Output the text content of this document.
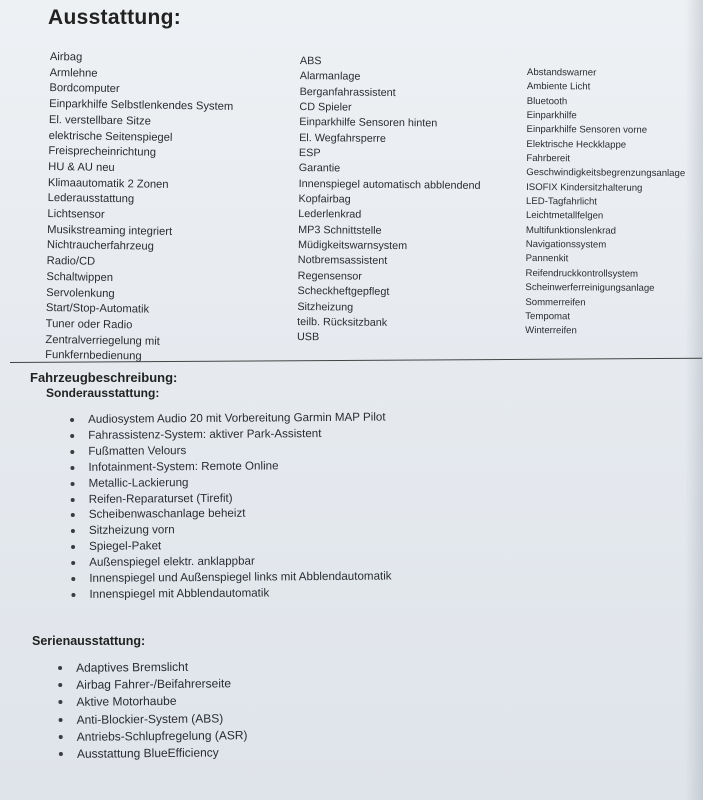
Ausstattung:
Airbag
Armlehne
Bordcomputer
Einparkhilfe Selbstlenkendes System
El. verstellbare Sitze
elektrische Seitenspiegel
Freisprecheinrichtung
HU & AU neu
Klimaautomatik 2 Zonen
Lederausstattung
Lichtsensor
Musikstreaming integriert
Nichtraucherfahrzeug
Radio/CD
Schaltwippen
Servolenkung
Start/Stop-Automatik
Tuner oder Radio
Zentralverriegelung mit
Funkfernbedienung
ABS
Alarmanlage
Berganfahrassistent
CD Spieler
Einparkhilfe Sensoren hinten
El. Wegfahrsperre
ESP
Garantie
Innenspiegel automatisch abblendend
Kopfairbag
Lederlenkrad
MP3 Schnittstelle
Müdigkeitswarnsystem
Notbremsassistent
Regensensor
Scheckheftgepflegt
Sitzheizung
teilb. Rücksitzbank
USB
Abstandswarner
Ambiente Licht
Bluetooth
Einparkhilfe
Einparkhilfe Sensoren vorne
Elektrische Heckklappe
Fahrbereit
Geschwindigkeitsbegrenzungsanlage
ISOFIX Kindersitzhalterung
LED-Tagfahrlicht
Leichtmetallfelgen
Multifunktionslenkrad
Navigationssystem
Pannenkit
Reifendruckkontrollsystem
Scheinwerferreinigungsanlage
Sommerreifen
Tempomat
Winterreifen
Fahrzeugbeschreibung:
Sonderausstattung:
Audiosystem Audio 20 mit Vorbereitung Garmin MAP Pilot
Fahrassistenz-System: aktiver Park-Assistent
Fußmatten Velours
Infotainment-System: Remote Online
Metallic-Lackierung
Reifen-Reparaturset (Tirefit)
Scheibenwaschanlage beheizt
Sitzheizung vorn
Spiegel-Paket
Außenspiegel elektr. anklappbar
Innenspiegel und Außenspiegel links mit Abblendautomatik
Innenspiegel mit Abblendautomatik
Serienausstattung:
Adaptives Bremslicht
Airbag Fahrer-/Beifahrerseite
Aktive Motorhaube
Anti-Blockier-System (ABS)
Antriebs-Schlupfregelung (ASR)
Ausstattung BlueEfficiency
